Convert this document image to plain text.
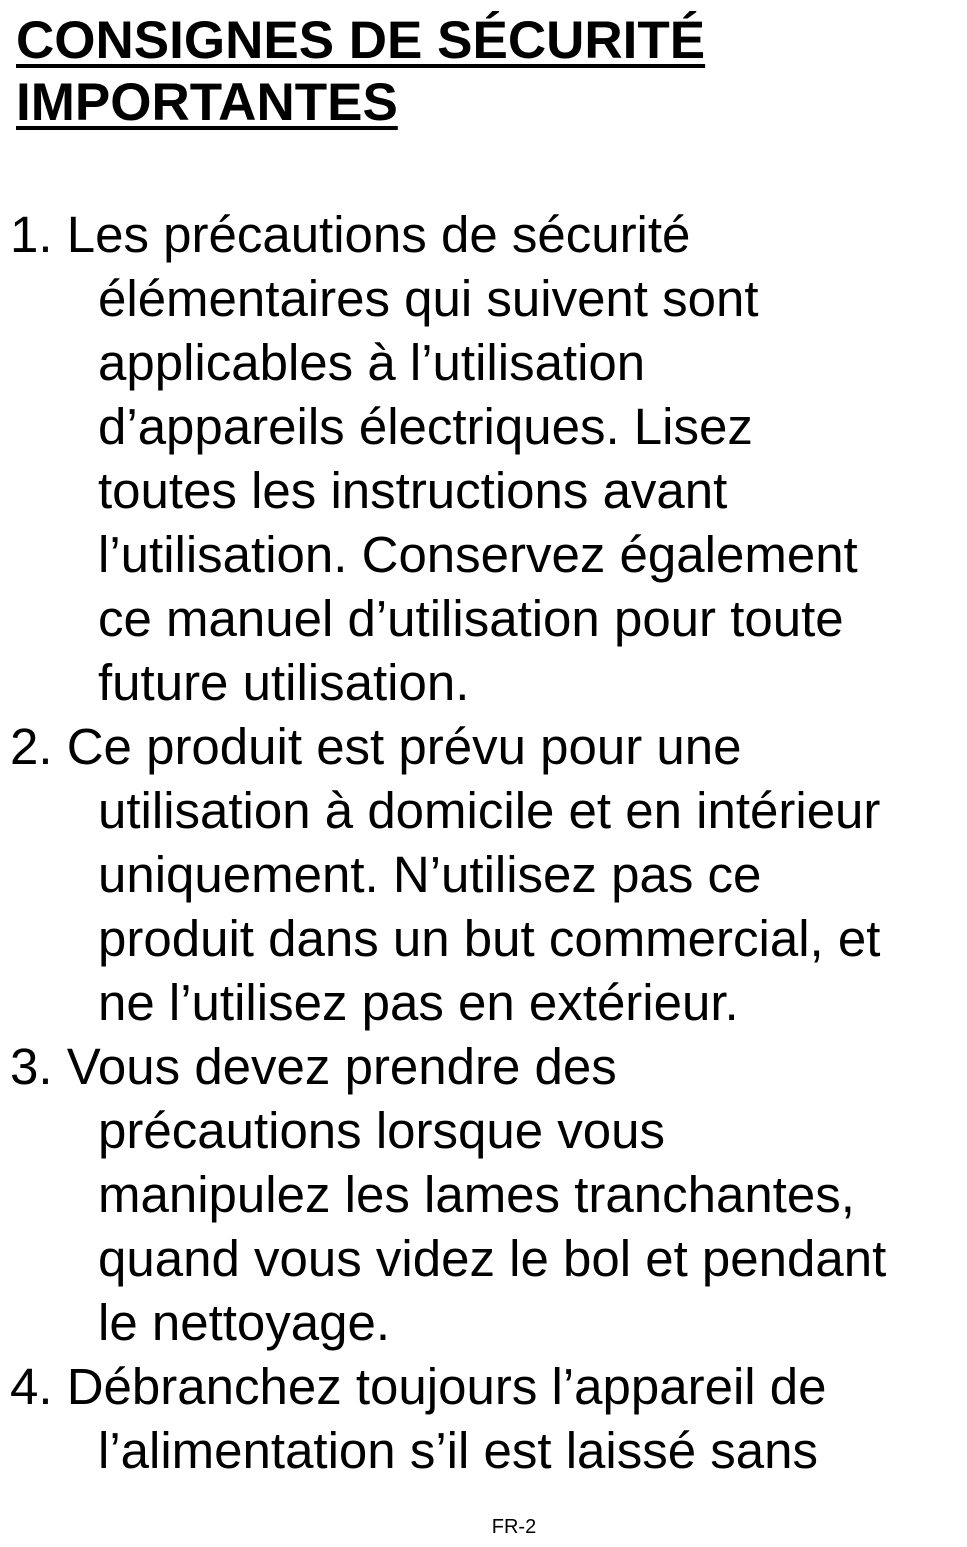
CONSIGNES DE SÉCURITÉ
IMPORTANTES
1. Les précautions de sécurité
élémentaires qui suivent sont
applicables à l’utilisation
d’appareils électriques. Lisez
toutes les instructions avant
l’utilisation. Conservez également
ce manuel d’utilisation pour toute
future utilisation.
2. Ce produit est prévu pour une
utilisation à domicile et en intérieur
uniquement. N’utilisez pas ce
produit dans un but commercial, et
ne l’utilisez pas en extérieur.
3. Vous devez prendre des
précautions lorsque vous
manipulez les lames tranchantes,
quand vous videz le bol et pendant
le nettoyage.
4. Débranchez toujours l’appareil de
l’alimentation s’il est laissé sans
FR-2
